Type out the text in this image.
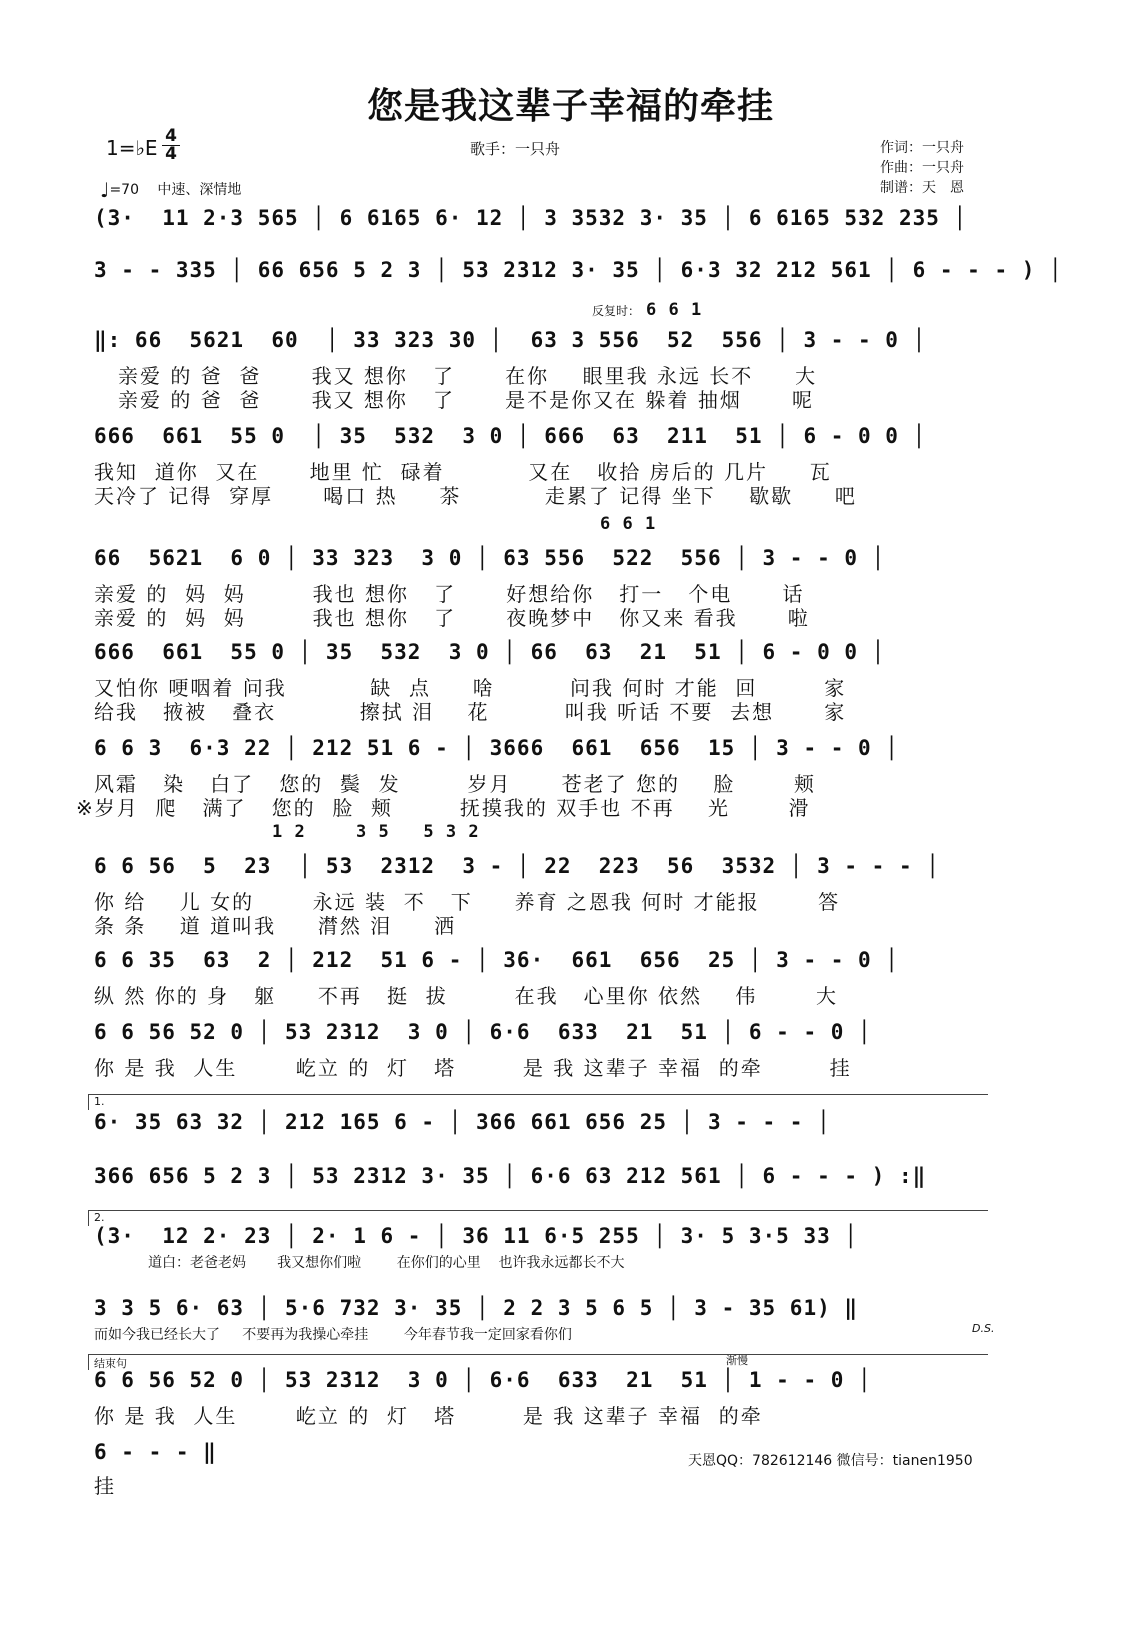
您是我这辈子幸福的牵挂
1=♭E 4
4	歌手：一只舟	作词：一只舟
作曲：一只舟
制谱：天　恩
♩=70　 中速、深情地
(3·  11 2·3 565 │ 6 6165 6· 12 │ 3 3532 3· 35 │ 6 6165 532 235 │
3 - - 335 │ 66 656 5 2 3 │ 53 2312 3· 35 │ 6·3 32 212 561 │ 6 - - - ) │
反复时： 6 6 1
‖: 66  5621  60  │ 33 323 30 │  63 3 556  52  556 │ 3 - - 0 │
亲爱 的 爸  爸      我又 想你   了      在你    眼里我 永远 长不     大
亲爱 的 爸  爸      我又 想你   了      是不是你又在 躲着 抽烟      呢
666  661  55 0  │ 35  532  3 0 │ 666  63  211  51 │ 6 - 0 0 │
我知  道你  又在      地里 忙  碌着          又在   收拾 房后的 几片     瓦
天冷了 记得  穿厚      喝口 热     茶          走累了 记得 坐下    歇歇     吧
6 6 1
66  5621  6 0 │ 33 323  3 0 │ 63 556  522  556 │ 3 - - 0 │
亲爱 的  妈  妈        我也 想你   了      好想给你   打一   个电      话
亲爱 的  妈  妈        我也 想你   了      夜晚梦中   你又来 看我      啦
666  661  55 0 │ 35  532  3 0 │ 66  63  21  51 │ 6 - 0 0 │
又怕你 哽咽着 问我          缺  点     啥         问我 何时 才能  回        家
给我   掖被   叠衣          擦拭 泪    花         叫我 听话 不要  去想      家
6 6 3  6·3 22 │ 212 51 6 - │ 3666  661  656  15 │ 3 - - 0 │
风霜   染   白了   您的  鬓  发        岁月      苍老了 您的    脸       颊
※岁月  爬   满了   您的  脸  颊        抚摸我的 双手也 不再    光       滑
1 2	3 5   5 3 2
6 6 56  5  23  │ 53  2312  3 - │ 22  223  56  3532 │ 3 - - - │
你 给    儿 女的       永远 装  不   下     养育 之恩我 何时 才能报       答
条 条    道 道叫我     潸然 泪     洒
6 6 35  63  2 │ 212  51 6 - │ 36·  661  656  25 │ 3 - - 0 │
纵 然 你的 身   躯     不再   挺  拔        在我   心里你 依然    伟       大
6 6 56 52 0 │ 53 2312  3 0 │ 6·6  633  21  51 │ 6 - - 0 │
你 是 我  人生       屹立 的  灯   塔        是 我 这辈子 幸福  的牵        挂
1.
6· 35 63 32 │ 212 165 6 - │ 366 661 656 25 │ 3 - - - │
366 656 5 2 3 │ 53 2312 3· 35 │ 6·6 63 212 561 │ 6 - - - ) :‖
2.
(3·  12 2· 23 │ 2· 1 6 - │ 36 11 6·5 255 │ 3· 5 3·5 33 │
道白：老爸老妈       我又想你们啦        在你们的心里    也许我永远都长不大
3 3 5 6· 63 │ 5·6 732 3· 35 │ 2 2 3 5 6 5 │ 3 - 35 61) ‖
而如今我已经长大了     不要再为我操心牵挂        今年春节我一定回家看你们	D.S.
结束句	渐慢
6 6 56 52 0 │ 53 2312  3 0 │ 6·6  633  21  51 │ 1 - - 0 │
你 是 我  人生       屹立 的  灯   塔        是 我 这辈子 幸福  的牵
6 - - - ‖
挂
天恩QQ：782612146 微信号：tianen1950
